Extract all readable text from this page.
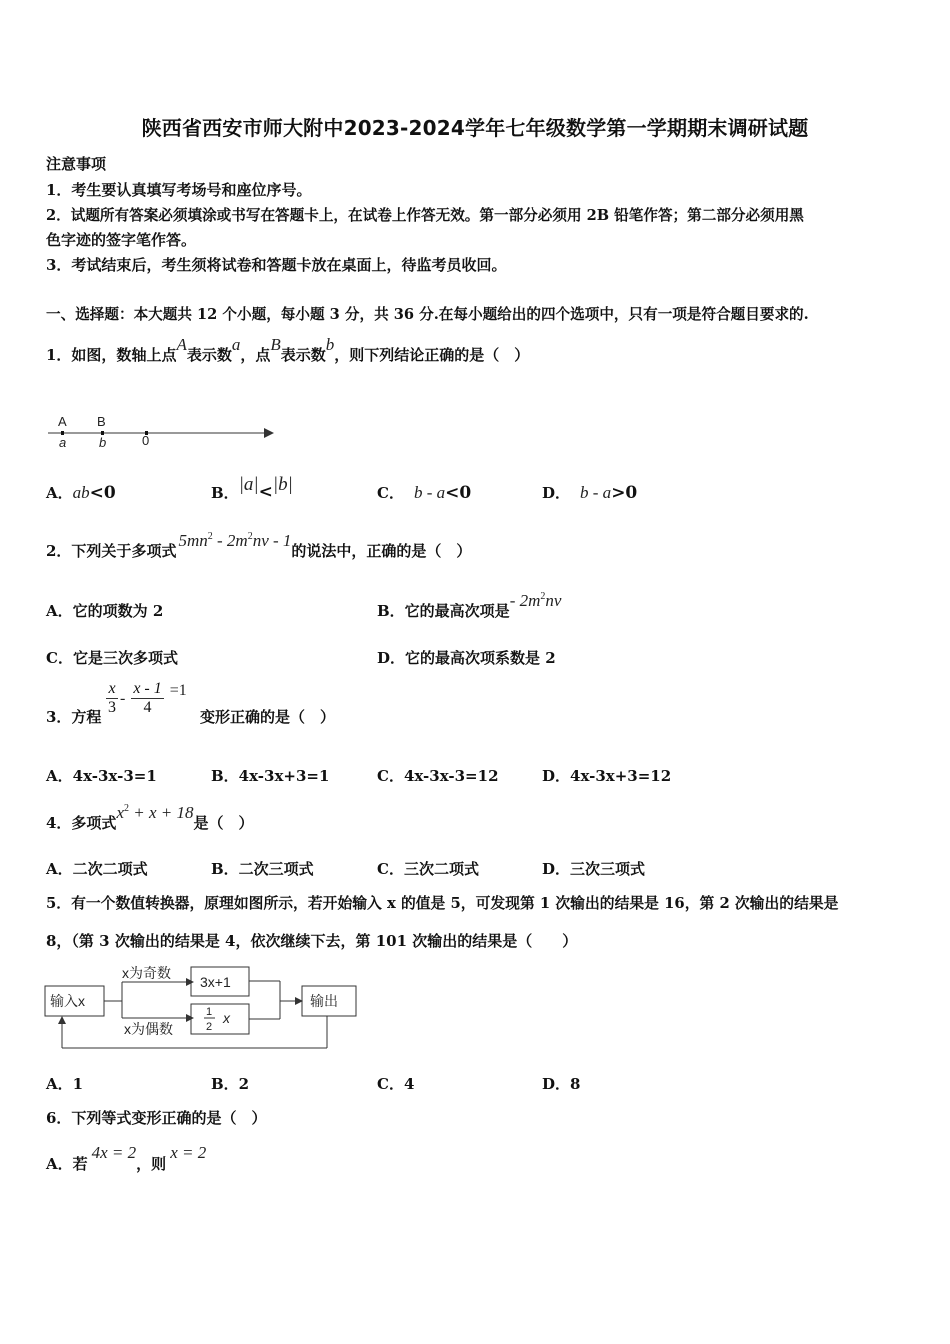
陕西省西安市师大附中2023-2024学年七年级数学第一学期期末调研试题
注意事项
1．考生要认真填写考场号和座位序号。
2．试题所有答案必须填涂或书写在答题卡上，在试卷上作答无效。第一部分必须用 2B 铅笔作答；第二部分必须用黑
色字迹的签字笔作答。
3．考试结束后，考生须将试卷和答题卡放在桌面上，待监考员收回。
一、选择题：本大题共 12 个小题，每小题 3 分，共 36 分.在每小题给出的四个选项中，只有一项是符合题目要求的.
1．如图，数轴上点A表示数a，点B表示数b，则下列结论正确的是（　）
A B
a	b	0
A．ab<0	B．|a|<|b|	C． b - a<0	D． b - a>0
2．下列关于多项式$5mn^2 - 2m^2nv - 1$的说法中，正确的是（　）
A．它的项数为 2	B．它的最高次项是- $2m^2nv$
C．它是三次多项式	D．它的最高次项系数是 2
3．方程 $\frac{x}{3} - \frac{x - 1}{4} =1$
变形正确的是（　）
A．4x-3x-3=1	B．4x-3x+3=1	C．4x-3x-3=12	D．4x-3x+3=12
4．多项式$x^2 + x + 18$是（　）
A．二次二项式	B．二次三项式	C．三次二项式	D．三次三项式
5．有一个数值转换器，原理如图所示，若开始输入 x 的值是 5，可发现第 1 次输出的结果是 16，第 2 次输出的结果是
8，（第 3 次输出的结果是 4，依次继续下去，第 101 次输出的结果是（　　）
输入x
x为奇数
x为偶数
3x+1
1
2
x
输出
A．1	B．2	C．4	D．8
6．下列等式变形正确的是（　）
A．若4x = 2，则x = 2
